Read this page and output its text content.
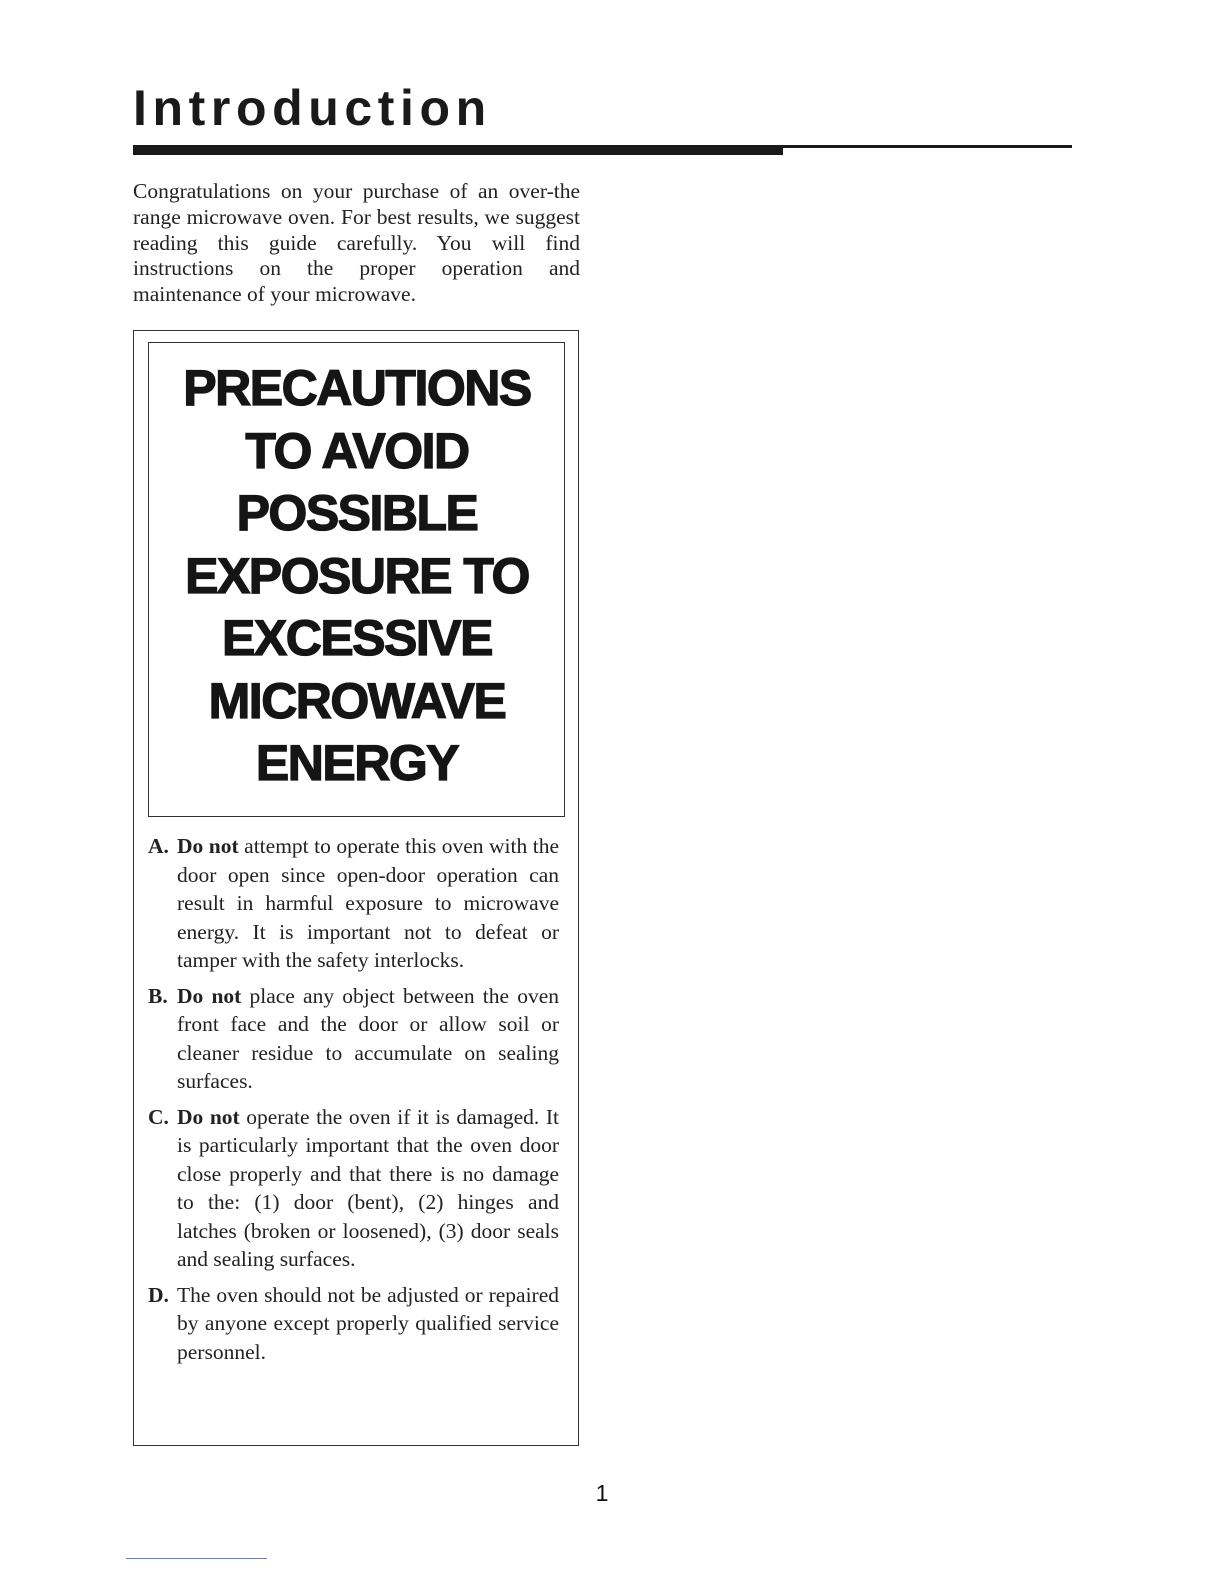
Introduction

Congratulations on your purchase of an over-the range microwave oven. For best results, we suggest reading this guide carefully. You will find instructions on the proper operation and maintenance of your microwave.

PRECAUTIONS
TO AVOID
POSSIBLE
EXPOSURE TO
EXCESSIVE
MICROWAVE
ENERGY
A. Do not attempt to operate this oven with the door open since open-door operation can result in harmful exposure to microwave energy. It is important not to defeat or tamper with the safety interlocks.
B. Do not place any object between the oven front face and the door or allow soil or cleaner residue to accumulate on sealing surfaces.
C. Do not operate the oven if it is damaged. It is particularly important that the oven door close properly and that there is no damage to the: (1) door (bent), (2) hinges and latches (broken or loosened), (3) door seals and sealing surfaces.
D. The oven should not be adjusted or repaired by anyone except properly qualified service personnel.
1
